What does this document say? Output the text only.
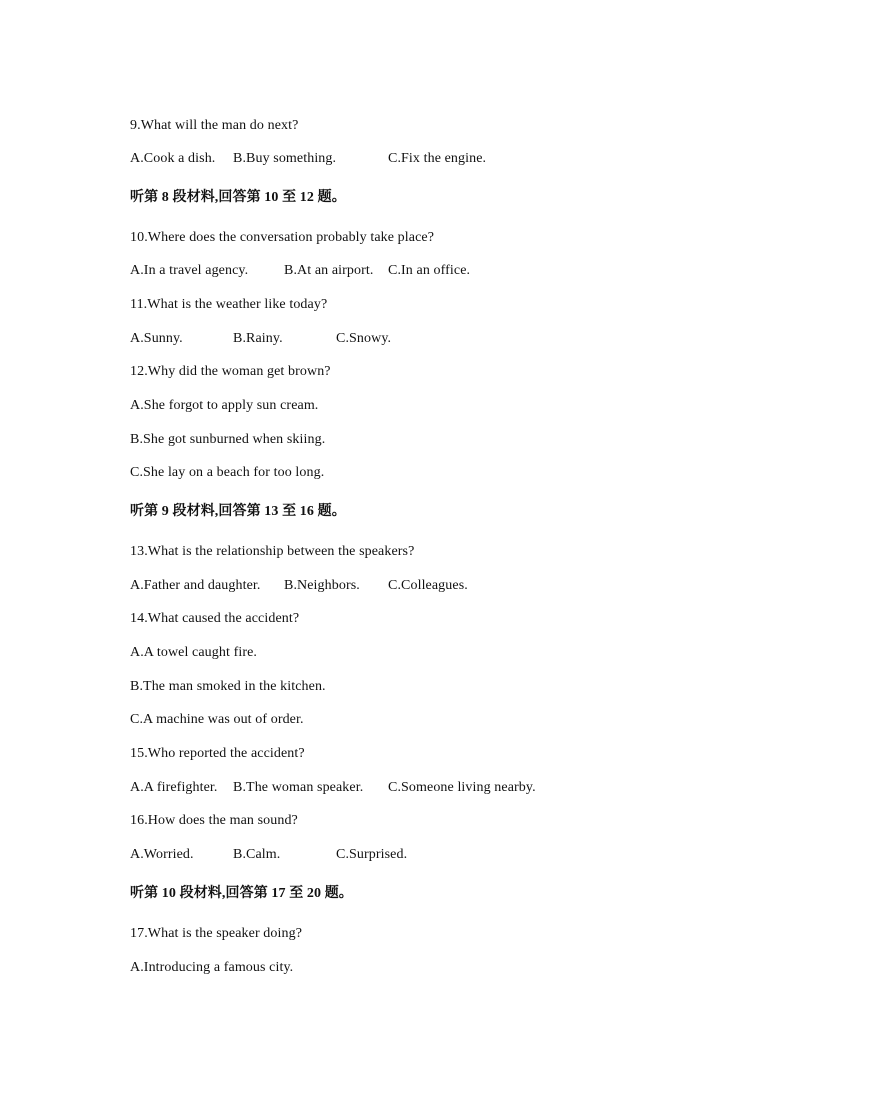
9.What will the man do next?
A.Cook a dish. B.Buy something.	C.Fix the engine.
听第 8 段材料,回答第 10 至 12 题。
10.Where does the conversation probably take place?
A.In a travel agency.	B.At an airport. C.In an office.
11.What is the weather like today?
A.Sunny.	B.Rainy.	C.Snowy.
12.Why did the woman get brown?
A.She forgot to apply sun cream.
B.She got sunburned when skiing.
C.She lay on a beach for too long.
听第 9 段材料,回答第 13 至 16 题。
13.What is the relationship between the speakers?
A.Father and daughter. B.Neighbors. C.Colleagues.
14.What caused the accident?
A.A towel caught fire.
B.The man smoked in the kitchen.
C.A machine was out of order.
15.Who reported the accident?
A.A firefighter. B.The woman speaker. C.Someone living nearby.
16.How does the man sound?
A.Worried.	B.Calm.	C.Surprised.
听第 10 段材料,回答第 17 至 20 题。
17.What is the speaker doing?
A.Introducing a famous city.
